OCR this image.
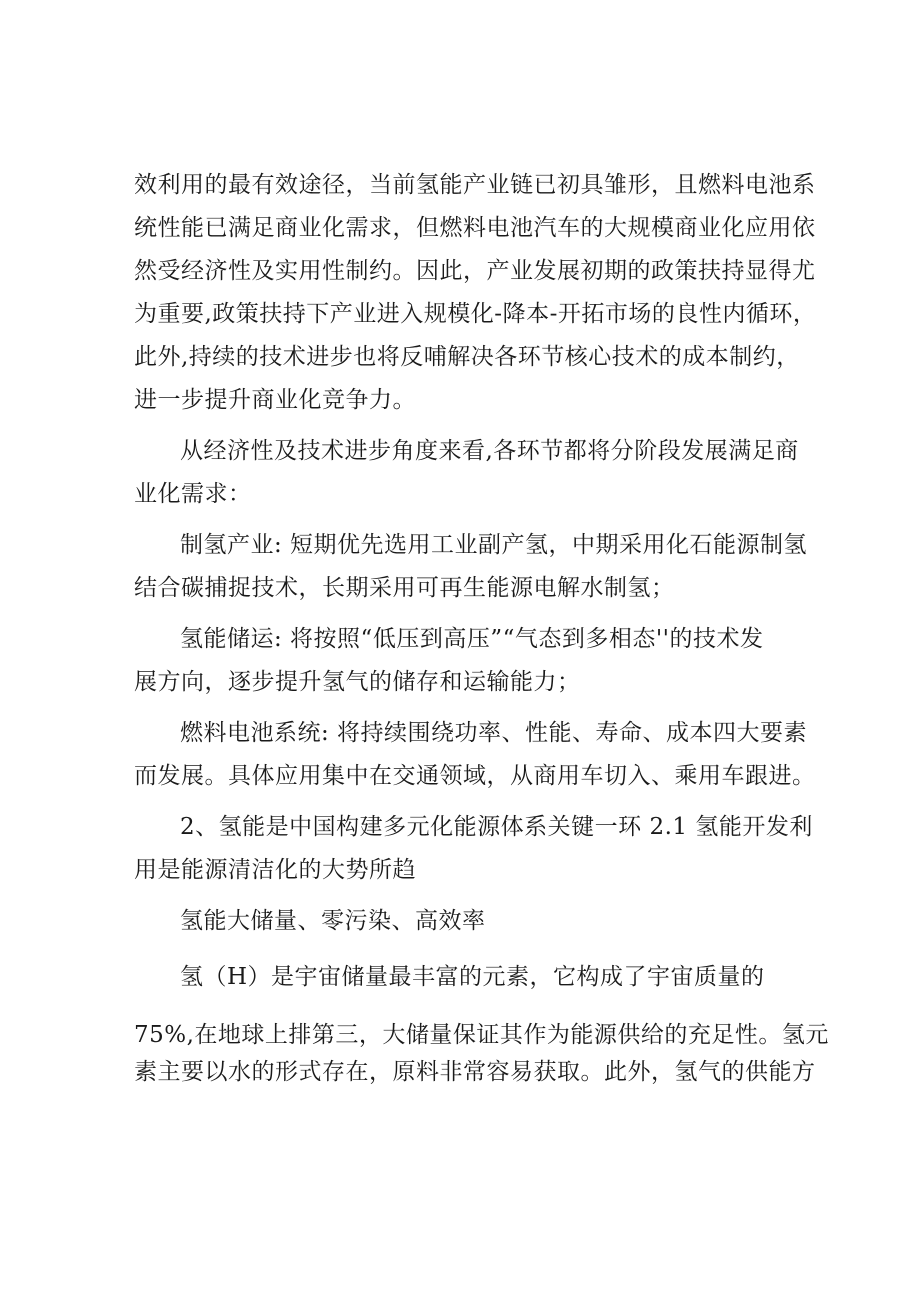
效利用的最有效途径，当前氢能产业链已初具雏形，且燃料电池系
统性能已满足商业化需求，但燃料电池汽车的大规模商业化应用依
然受经济性及实用性制约。因此，产业发展初期的政策扶持显得尤
为重要,政策扶持下产业进入规模化-降本-开拓市场的良性内循环，
此外,持续的技术进步也将反哺解决各环节核心技术的成本制约，
进一步提升商业化竞争力。
从经济性及技术进步角度来看,各环节都将分阶段发展满足商
业化需求：
制氢产业: 短期优先选用工业副产氢，中期采用化石能源制氢
结合碳捕捉技术，长期采用可再生能源电解水制氢；
氢能储运: 将按照“低压到高压”“气态到多相态''的技术发
展方向，逐步提升氢气的储存和运输能力；
燃料电池系统: 将持续围绕功率、性能、寿命、成本四大要素
而发展。具体应用集中在交通领域，从商用车切入、乘用车跟进。
2、氢能是中国构建多元化能源体系关键一环 2.1 氢能开发利
用是能源清洁化的大势所趋
氢能大储量、零污染、高效率
氢（H）是宇宙储量最丰富的元素，它构成了宇宙质量的
75%,在地球上排第三，大储量保证其作为能源供给的充足性。氢元
素主要以水的形式存在，原料非常容易获取。此外，氢气的供能方
